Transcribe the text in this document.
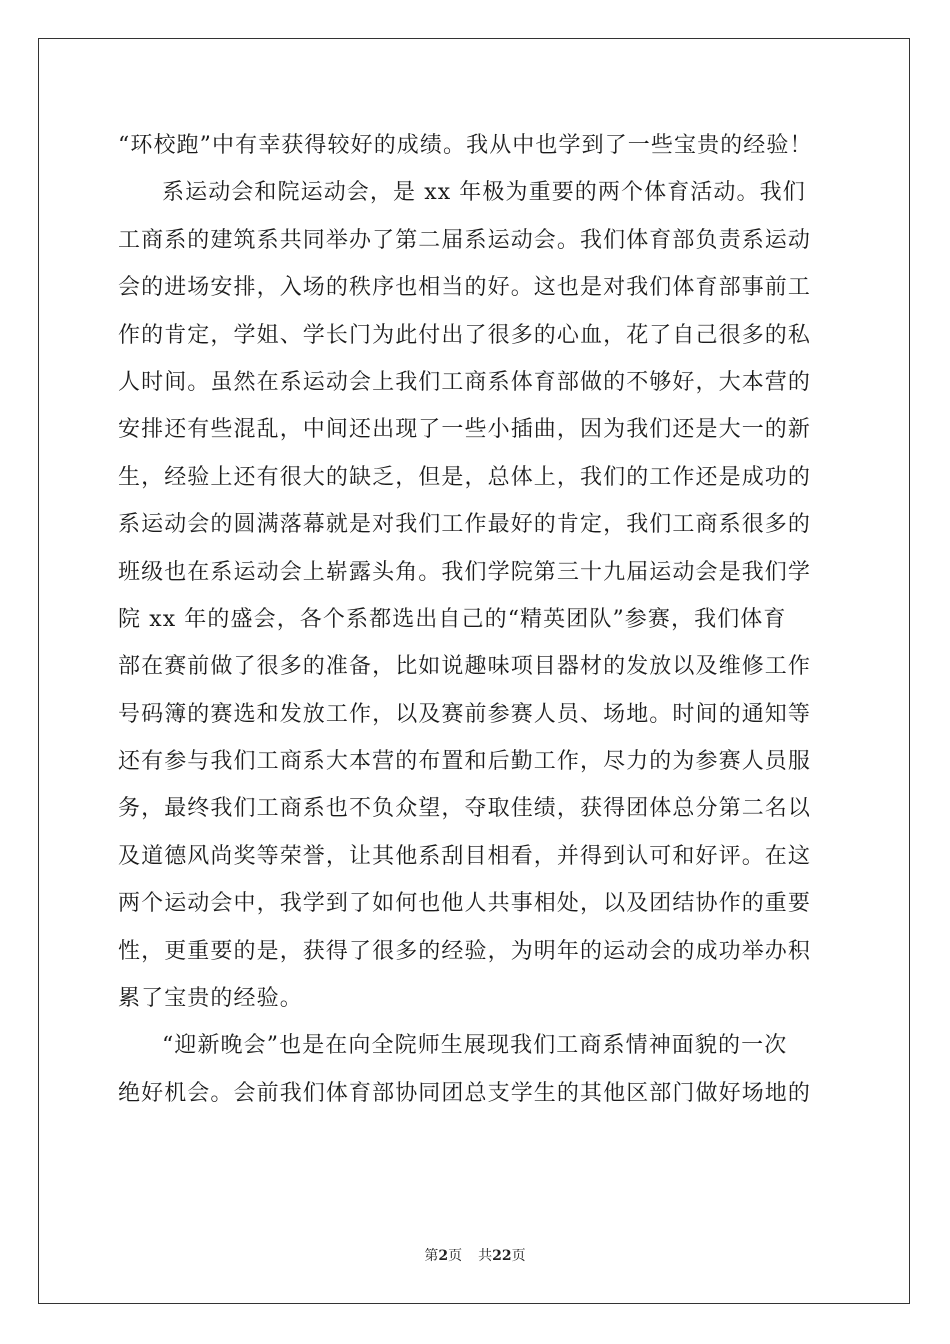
“环校跑”中有幸获得较好的成绩。我从中也学到了一些宝贵的经验！
系运动会和院运动会，是 xx 年极为重要的两个体育活动。我们
工商系的建筑系共同举办了第二届系运动会。我们体育部负责系运动
会的进场安排，入场的秩序也相当的好。这也是对我们体育部事前工
作的肯定，学姐、学长门为此付出了很多的心血，花了自己很多的私
人时间。虽然在系运动会上我们工商系体育部做的不够好，大本营的
安排还有些混乱，中间还出现了一些小插曲，因为我们还是大一的新
生，经验上还有很大的缺乏，但是，总体上，我们的工作还是成功的
系运动会的圆满落幕就是对我们工作最好的肯定，我们工商系很多的
班级也在系运动会上崭露头角。我们学院第三十九届运动会是我们学
院 xx 年的盛会，各个系都选出自己的“精英团队”参赛，我们体育
部在赛前做了很多的准备，比如说趣味项目器材的发放以及维修工作
号码簿的赛选和发放工作，以及赛前参赛人员、场地。时间的通知等
还有参与我们工商系大本营的布置和后勤工作，尽力的为参赛人员服
务，最终我们工商系也不负众望，夺取佳绩，获得团体总分第二名以
及道德风尚奖等荣誉，让其他系刮目相看，并得到认可和好评。在这
两个运动会中，我学到了如何也他人共事相处，以及团结协作的重要
性，更重要的是，获得了很多的经验，为明年的运动会的成功举办积
累了宝贵的经验。
“迎新晚会”也是在向全院师生展现我们工商系情神面貌的一次
绝好机会。会前我们体育部协同团总支学生的其他区部门做好场地的
第2页 共22页
